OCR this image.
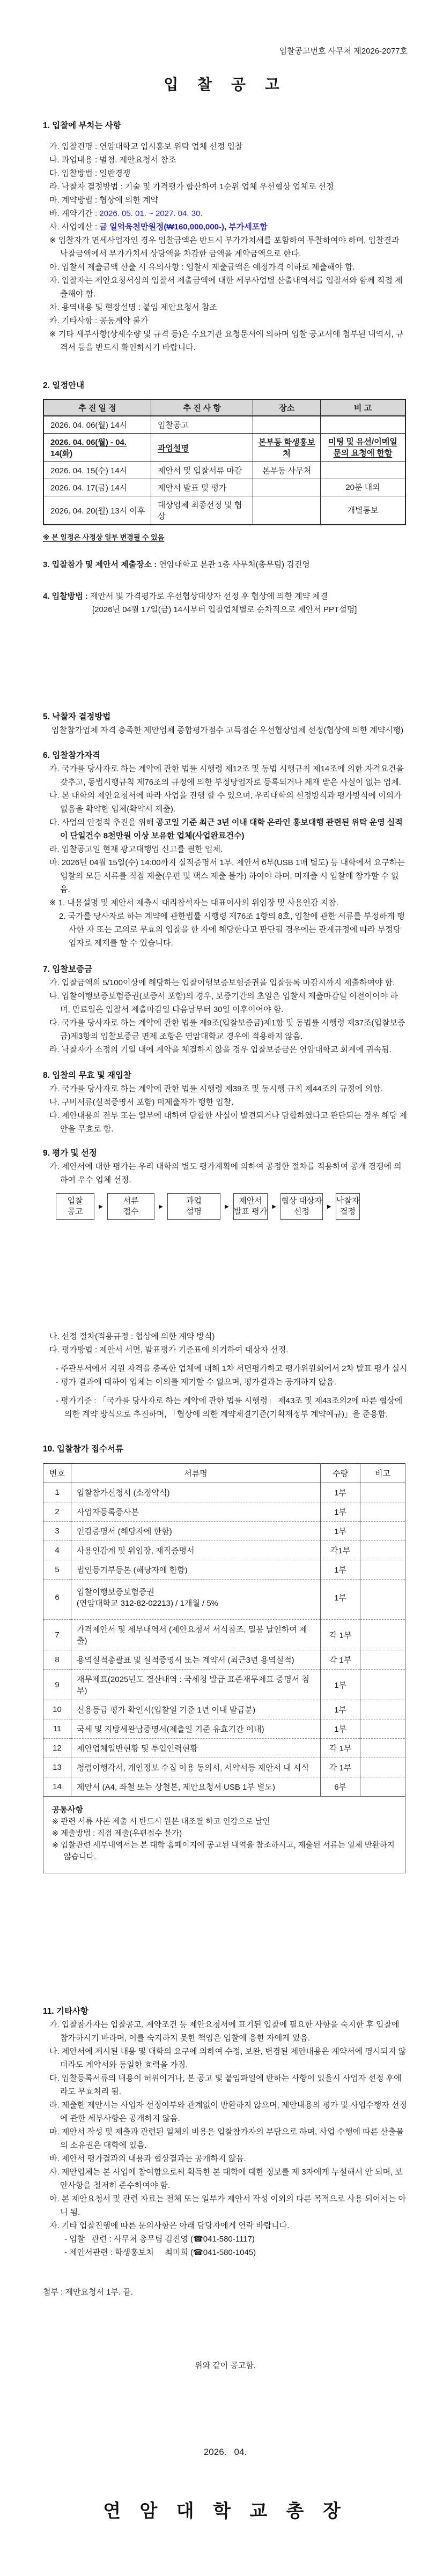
입찰공고번호 사무처 제2026-2077호
입 찰 공 고
1. 입찰에 부치는 사항
가. 입찰건명 : 연암대학교 입시홍보 위탁 업체 선정 입찰
나. 과업내용 : 별첨. 제안요청서 참조
다. 입찰방법 : 일반경쟁
라. 낙찰자 결정방법 : 기술 및 가격평가 합산하여 1순위 업체 우선협상 업체로 선정
마. 계약방법 : 협상에 의한 계약
바. 계약기간 : 2026. 05. 01. ~ 2027. 04. 30.
사. 사업예산 : 금 일억육천만원정(₩160,000,000-), 부가세포함
※ 입찰자가 면세사업자인 경우 입찰금액은 반드시 부가가치세를 포함하여 투찰하여야 하며, 입찰결과 낙찰금액에서 부가가치세 상당액을 차감한 금액을 계약금액으로 한다.
아. 입찰서 제출금액 산출 시 유의사항 : 입찰서 제출금액은 예정가격 이하로 제출해야 함.
자. 입찰자는 제안요청서상의 입찰서 제출금액에 대한 세부사업별 산출내역서를 입찰서와 함께 직접 제출해야 함.
차. 용역내용 및 현장설명 : 붙임 제안요청서 참조
카. 기타사항 : 공동계약 불가
※ 기타 세부사항(상세수량 및 규격 등)은 수요기관 요청문서에 의하며 입찰 공고서에 첨부된 내역서, 규격서 등을 반드시 확인하시기 바랍니다.
2. 일정안내
추 진 일 정	추 진 사 항	장소	비 고
2026. 04. 06(월) 14시	입찰공고		
2026. 04. 06(월) - 04. 14(화)	과업설명	본부동 학생홍보처	미팅 및 유선/이메일 문의 요청에 한함
2026. 04. 15(수) 14시	제안서 및 입찰서류 마감	본부동 사무처	
2026. 04. 17(금) 14시	제안서 발표 및 평가		20분 내외
2026. 04. 20(월) 13시 이후	대상업체 최종선정 및 협상		개별통보
※ 본 일정은 사정상 일부 변경될 수 있음
3. 입찰참가 및 제안서 제출장소 : 연암대학교 본관 1층 사무처(총무팀) 김진영
4. 입찰방법 : 제안서 및 가격평가로 우선협상대상자 선정 후 협상에 의한 계약 체결
[2026년 04월 17일(금) 14시부터 입찰업체별로 순차적으로 제안서 PPT설명]
5. 낙찰자 결정방법
입찰참가업체 자격 충족한 제안업체 종합평가점수 고득점순 우선협상업체 선정(협상에 의한 계약시행)
6. 입찰참가자격
가. 국가를 당사자로 하는 계약에 관한 법률 시행령 제12조 및 동법 시행규칙 제14조에 의한 자격요건을 갖추고, 동법시행규칙 제76조의 규정에 의한 부정당업자로 등록되거나 제재 받은 사실이 없는 업체.
나. 본 대학의 제안요청서에 따라 사업을 진행 할 수 있으며, 우리대학의 선정방식과 평가방식에 이의가 없음을 확약한 업체(확약서 제출).
다. 사업의 안정적 추진을 위해 공고일 기준 최근 3년 이내 대학 온라인 홍보대행 관련된 위탁 운영 실적이 단일건수 8천만원 이상 보유한 업체(사업완료건수)
라. 입찰공고일 현재 광고대행업 신고를 필한 업체.
마. 2026년 04월 15일(수) 14:00까지 실적증명서 1부, 제안서 6부(USB 1매 별도) 등 대학에서 요구하는 입찰의 모든 서류를 직접 제출(우편 및 팩스 제출 불가) 하여야 하며, 미제출 시 입찰에 참가할 수 없음.
※ 1. 내용설명 및 제안서 제출시 대리참석자는 대표이사의 위임장 및 사용인감 지참.
2. 국가를 당사자로 하는 계약에 관한법률 시행령 제76조 1항의 8호, 입찰에 관한 서류를 부정하게 행사한 자 또는 고의로 무효의 입찰을 한 자에 해당한다고 판단될 경우에는 관계규정에 따라 부정당업자로 제재를 할 수 있습니다.
7. 입찰보증금
가. 입찰금액의 5/100이상에 해당하는 입찰이행보증보험증권을 입찰등록 마감시까지 제출하여야 함.
나. 입찰이행보증보험증권(보증서 포함)의 경우, 보증기간의 초일은 입찰서 제출마감일 이전이어야 하며, 만료일은 입찰서 제출마감일 다음날부터 30일 이후이어야 함.
다. 국가를 당사자로 하는 계약에 관한 법률 제9조(입찰보증금)제1항 및 동법률 시행령 제37조(입찰보증금)제3항의 입찰보증금 면제 조항은 연암대학교 경우에 적용하지 않음.
라. 낙찰자가 소정의 기일 내에 계약을 체결하지 않을 경우 입찰보증금은 연암대학교 회계에 귀속됨.
8. 입찰의 무효 및 재입찰
가. 국가를 당사자로 하는 계약에 관한 법률 시행령 제39조 및 동시행 규칙 제44조의 규정에 의함.
나. 구비서류(실적증명서 포함) 미제출자가 행한 입찰.
다. 제안내용의 전부 또는 일부에 대하여 담합한 사실이 발견되거나 담합하였다고 판단되는 경우 해당 제안을 무효로 함.
9. 평가 및 선정
가. 제안서에 대한 평가는 우리 대학의 별도 평가계획에 의하여 공정한 절차를 적용하여 공개 경쟁에 의하여 우수 업체 선정.
입찰
공고
▶
서류
접수
▶
과업
설명
▶
제안서
발표 평가
▶
협상 대상자
선정
▶
낙찰자
결정
나. 선정 절차(적용규정 : 협상에 의한 계약 방식)
다. 평가방법 : 제안서 서면, 발표평가 기준표에 의거하여 대상자 선정.
- 주관부서에서 지원 자격을 충족한 업체에 대해 1차 서면평가하고 평가위원회에서 2차 발표 평가 실시
- 평가 결과에 대하여 업체는 이의를 제기할 수 없으며, 평가결과는 공개하지 않음.
- 평가기준 : 「국가를 당사자로 하는 계약에 관한 법률 시행령」 제43조 및 제43조의2에 따른 협상에 의한 계약 방식으로 추진하며, 「협상에 의한 계약체결기준(기획재정부 계약예규)」을 준용함.
10. 입찰참가 접수서류
번호	서류명	수량	비고
1	입찰참가신청서 (소정약식)	1부	
2	사업자등록증사본	1부	
3	인감증명서 (해당자에 한함)	1부	
4	사용인감계 및 위임장, 재직증명서	각1부	
5	법인등기부등본 (해당자에 한함)	1부	
6	입찰이행보증보험증권
(연암대학교 312-82-02213) / 1개월 / 5%	1부	
7	가격제안서 및 세부내역서 (제안요청서 서식참조, 밀봉 날인하여 제출)	각 1부	
8	용역실적총괄표 및 실적증명서 또는 계약서 (최근3년 용역실적)	각 1부	
9	재무제표(2025년도 결산내역 : 국세청 발급 표준재무제표 증명서 첨부)	1부	
10	신용등급 평가 확인서(입찰일 기준 1년 이내 발급분)	1부	
11	국세 및 지방세완납증명서(제출일 기준 유효기간 이내)	1부	
12	제안업체일반현황 및 투입인력현황	각 1부	
13	청렴이행각서, 개인정보 수집 이용 동의서, 서약서등 제안서 내 서식	각 1부	
14	제안서 (A4, 좌철 또는 상철본, 제안요청서 USB 1부 별도)	6부	

공통사항
※ 관련 서류 사본 제출 시 반드시 원본 대조필 하고 인감으로 날인
※ 제출방법 : 직접 제출(우편접수 불가)
※ 입찰관련 세부내역서는 본 대학 홈페이지에 공고된 내역을 참조하시고, 제출된 서류는 일체 반환하지 않습니다.			
11. 기타사항
가. 입찰참가자는 입찰공고, 계약조건 등 제안요청서에 표기된 입찰에 필요한 사항을 숙지한 후 입찰에 참가하시기 바라며, 이를 숙지하지 못한 책임은 입찰에 응한 자에게 있음.
나. 제안서에 제시된 내용 및 대학의 요구에 의하여 수정, 보완, 변경된 제안내용은 계약서에 명시되지 않더라도 계약서와 동일한 효력을 가짐.
다. 입찰등록서류의 내용이 허위이거나, 본 공고 및 붙임파일에 반하는 사항이 있을시 사업자 선정 후에라도 무효처리 됨.
라. 제출한 제안서는 사업자 선정여부와 관계없이 반환하지 않으며, 제안내용의 평가 및 사업수행자 선정에 관한 세부사항은 공개하지 않음.
마. 제안서 작성 및 제출과 관련된 일체의 비용은 입찰참가자의 부담으로 하며, 사업 수행에 따른 산출물의 소유권은 대학에 있음.
바. 제안서 평가결과의 내용과 협상결과는 공개하지 않음.
사. 제안업체는 본 사업에 참여함으로써 획득한 본 대학에 대한 정보를 제 3자에게 누설해서 안 되며, 보안사항을 철저히 준수하여야 함.
아. 본 제안요청서 및 관련 자료는 전체 또는 일부가 제안서 작성 이외의 다른 목적으로 사용 되어서는 아니 됨.
자. 기타 입찰진행에 따른 문의사항은 아래 담당자에게 연락 바랍니다.
- 입찰   관련 : 사무처 총무팀 김진영 (☎041-580-1117)
- 제안서관련 : 학생홍보처     최미희 (☎041-580-1045)
첨부 : 제안요청서 1부. 끝.
위와 같이 공고함.
2026.   04.
연 암 대 학 교 총 장
